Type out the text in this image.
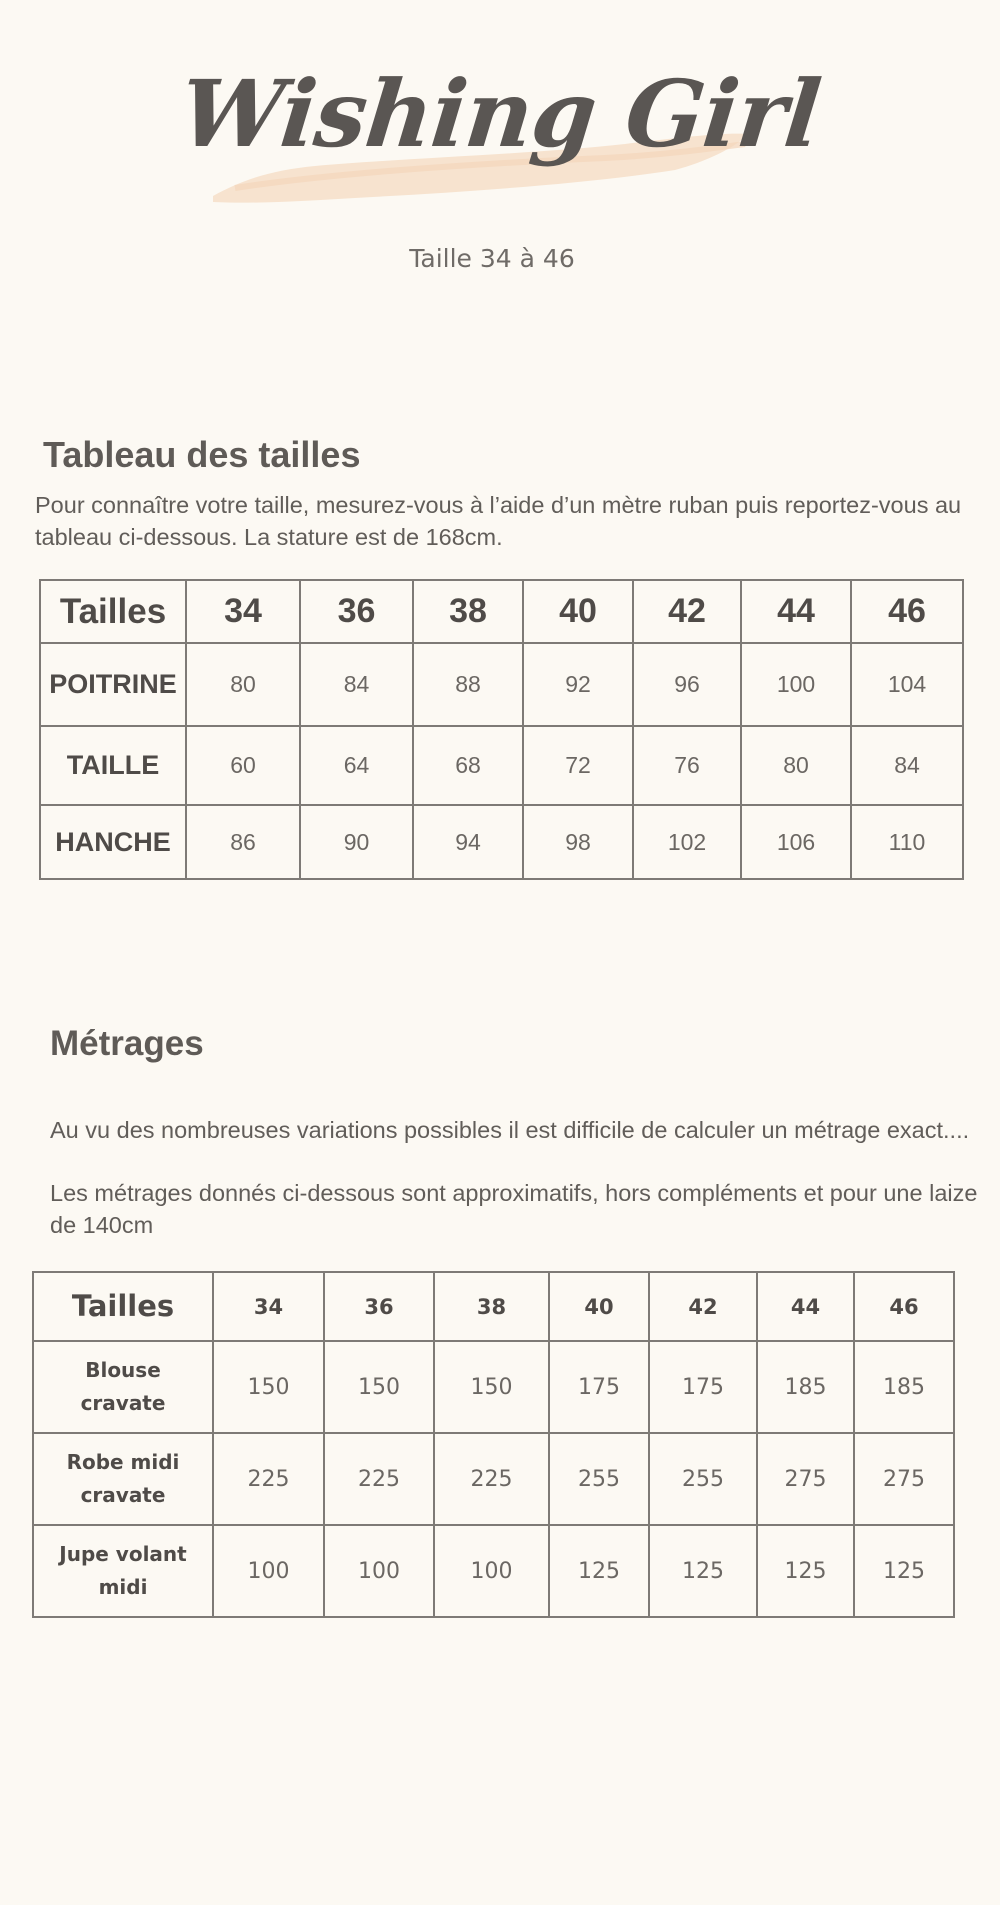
Wishing Girl
Taille 34 à 46
Tableau des tailles
Pour connaître votre taille, mesurez-vous à l’aide d’un mètre ruban puis reportez-vous au tableau ci-dessous. La stature est de 168cm.
Tailles	34	36	38	40	42	44	46
POITRINE	80	84	88	92	96	100	104
TAILLE	60	64	68	72	76	80	84
HANCHE	86	90	94	98	102	106	110
Métrages
Au vu des nombreuses variations possibles il est difficile de calculer un métrage exact....
Les métrages donnés ci-dessous sont approximatifs, hors compléments et pour une laize de 140cm
Tailles	34	36	38	40	42	44	46
Blouse
cravate	150	150	150	175	175	185	185
Robe midi
cravate	225	225	225	255	255	275	275
Jupe volant
midi	100	100	100	125	125	125	125
